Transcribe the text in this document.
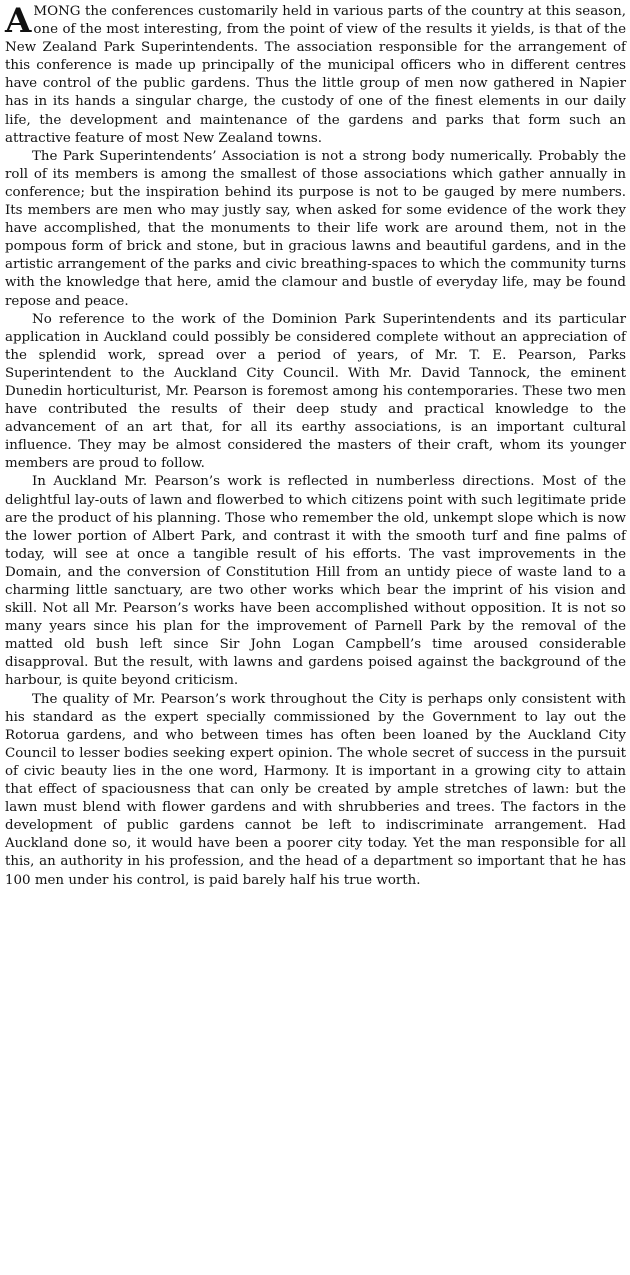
AMONG the conferences customarily held in various parts of the country at this season, one of the most interesting, from the point of view of the results it yields, is that of the New Zealand Park Superintendents. The association responsible for the arrangement of this conference is made up principally of the municipal officers who in different centres have control of the public gardens. Thus the little group of men now gathered in Napier has in its hands a singular charge, the custody of one of the finest elements in our daily life, the development and maintenance of the gardens and parks that form such an attractive feature of most New Zealand towns.

The Park Superintendents’ Association is not a strong body numerically. Probably the roll of its members is among the smallest of those associations which gather annually in conference; but the inspiration behind its purpose is not to be gauged by mere numbers. Its members are men who may justly say, when asked for some evidence of the work they have accomplished, that the monuments to their life work are around them, not in the pompous form of brick and stone, but in gracious lawns and beautiful gardens, and in the artistic arrangement of the parks and civic breathing-spaces to which the community turns with the knowledge that here, amid the clamour and bustle of everyday life, may be found repose and peace.

No reference to the work of the Dominion Park Superintendents and its particular application in Auckland could possibly be considered complete without an appreciation of the splendid work, spread over a period of years, of Mr. T. E. Pearson, Parks Superintendent to the Auckland City Council. With Mr. David Tannock, the eminent Dunedin horticulturist, Mr. Pearson is foremost among his contemporaries. These two men have contributed the results of their deep study and practical knowledge to the advancement of an art that, for all its earthy associations, is an important cultural influence. They may be almost considered the masters of their craft, whom its younger members are proud to follow.

In Auckland Mr. Pearson’s work is reflected in numberless directions. Most of the delightful lay-outs of lawn and flowerbed to which citizens point with such legitimate pride are the product of his planning. Those who remember the old, unkempt slope which is now the lower portion of Albert Park, and contrast it with the smooth turf and fine palms of today, will see at once a tangible result of his efforts. The vast improvements in the Domain, and the conversion of Constitution Hill from an untidy piece of waste land to a charming little sanctuary, are two other works which bear the imprint of his vision and skill. Not all Mr. Pearson’s works have been accomplished without opposition. It is not so many years since his plan for the improvement of Parnell Park by the removal of the matted old bush left since Sir John Logan Campbell’s time aroused considerable disapproval. But the result, with lawns and gardens poised against the background of the harbour, is quite beyond criticism.

The quality of Mr. Pearson’s work throughout the City is perhaps only consistent with his standard as the expert specially commissioned by the Government to lay out the Rotorua gardens, and who between times has often been loaned by the Auckland City Council to lesser bodies seeking expert opinion. The whole secret of success in the pursuit of civic beauty lies in the one word, Harmony. It is important in a growing city to attain that effect of spaciousness that can only be created by ample stretches of lawn: but the lawn must blend with flower gardens and with shrubberies and trees. The factors in the development of public gardens cannot be left to indiscriminate arrangement. Had Auckland done so, it would have been a poorer city today. Yet the man responsible for all this, an authority in his profession, and the head of a department so important that he has 100 men under his control, is paid barely half his true worth.
